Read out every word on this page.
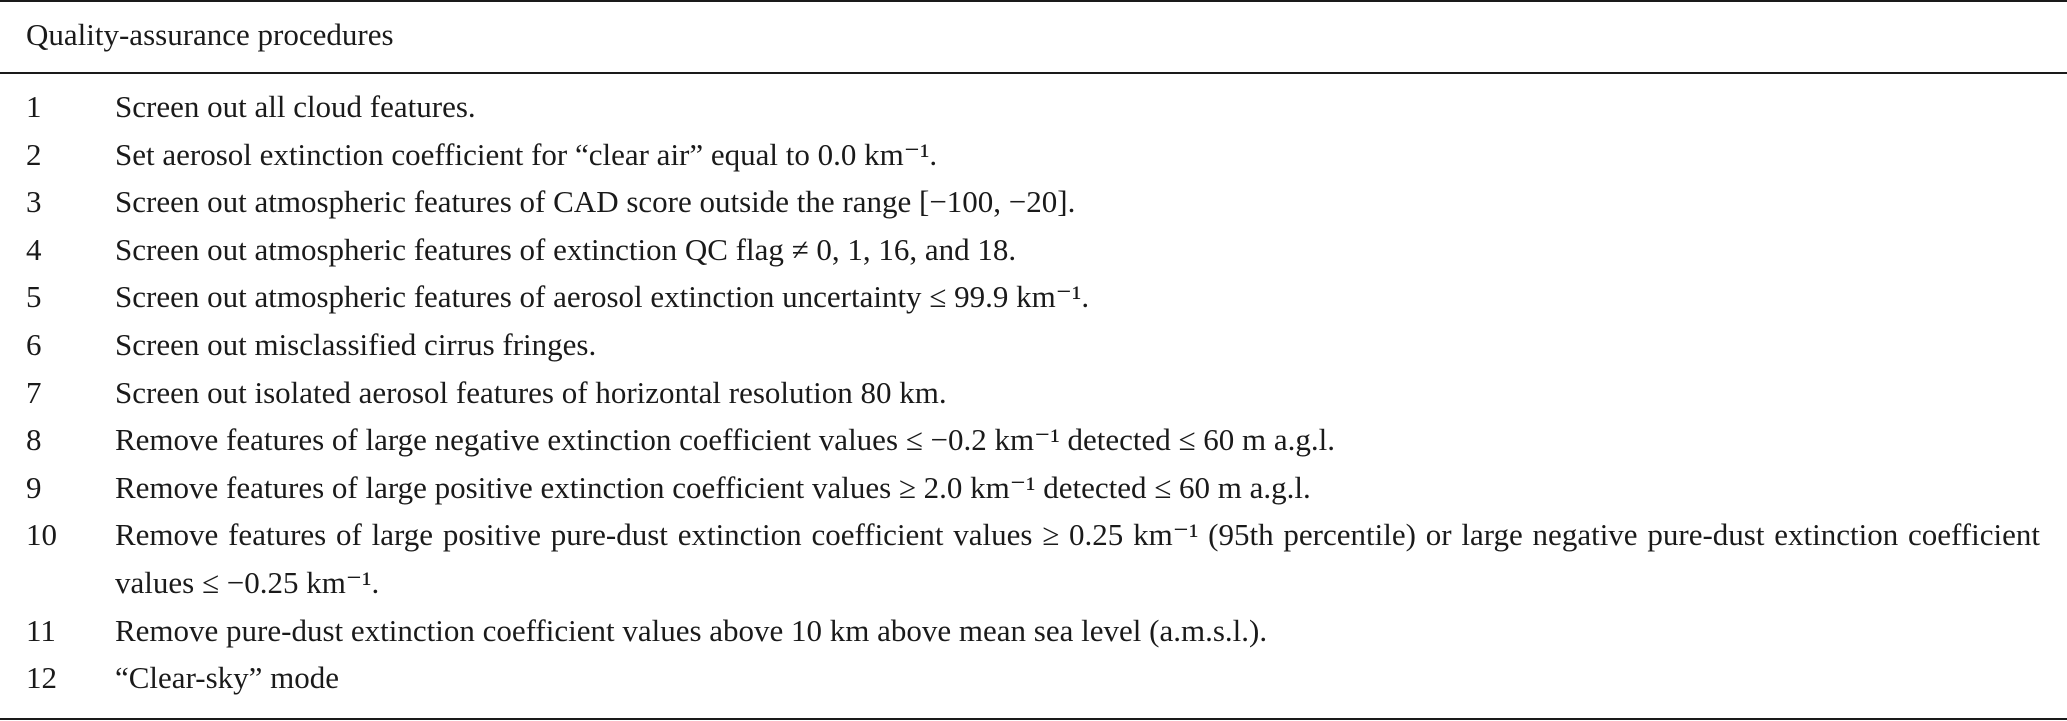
Quality-assurance procedures
1	Screen out all cloud features.
2	Set aerosol extinction coefficient for “clear air” equal to 0.0 km⁻¹.
3	Screen out atmospheric features of CAD score outside the range [−100, −20].
4	Screen out atmospheric features of extinction QC flag ≠ 0, 1, 16, and 18.
5	Screen out atmospheric features of aerosol extinction uncertainty ≤ 99.9 km⁻¹.
6	Screen out misclassified cirrus fringes.
7	Screen out isolated aerosol features of horizontal resolution 80 km.
8	Remove features of large negative extinction coefficient values ≤ −0.2 km⁻¹ detected ≤ 60 m a.g.l.
9	Remove features of large positive extinction coefficient values ≥ 2.0 km⁻¹ detected ≤ 60 m a.g.l.
10	Remove features of large positive pure-dust extinction coefficient values ≥ 0.25 km⁻¹ (95th percentile) or large negative pure-dust extinction coefficient values ≤ −0.25 km⁻¹.
11	Remove pure-dust extinction coefficient values above 10 km above mean sea level (a.m.s.l.).
12	“Clear-sky” mode
